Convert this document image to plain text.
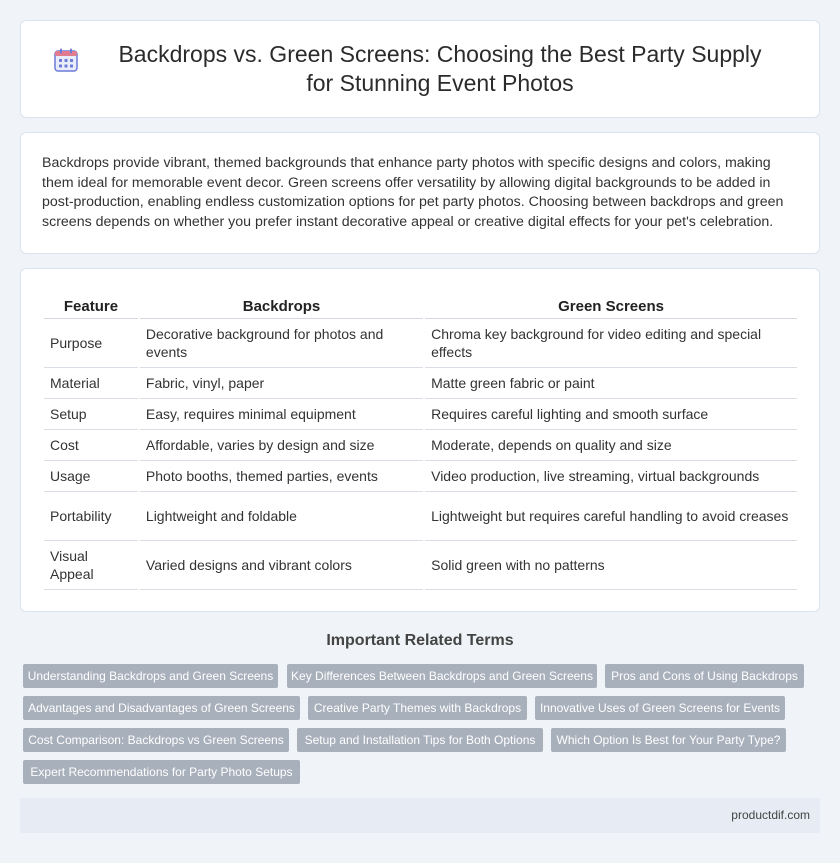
Backdrops vs. Green Screens: Choosing the Best Party Supply for Stunning Event Photos

Backdrops provide vibrant, themed backgrounds that enhance party photos with specific designs and colors, making them ideal for memorable event decor. Green screens offer versatility by allowing digital backgrounds to be added in post-production, enabling endless customization options for pet party photos. Choosing between backdrops and green screens depends on whether you prefer instant decorative appeal or creative digital effects for your pet's celebration.

Feature	Backdrops	Green Screens
Purpose	Decorative background for photos and events	Chroma key background for video editing and special effects
Material	Fabric, vinyl, paper	Matte green fabric or paint
Setup	Easy, requires minimal equipment	Requires careful lighting and smooth surface
Cost	Affordable, varies by design and size	Moderate, depends on quality and size
Usage	Photo booths, themed parties, events	Video production, live streaming, virtual backgrounds
Portability	Lightweight and foldable	Lightweight but requires careful handling to avoid creases
Visual Appeal	Varied designs and vibrant colors	Solid green with no patterns
Important Related Terms
Understanding Backdrops and Green Screens	Key Differences Between Backdrops and Green Screens	Pros and Cons of Using Backdrops
Advantages and Disadvantages of Green Screens	Creative Party Themes with Backdrops	Innovative Uses of Green Screens for Events
Cost Comparison: Backdrops vs Green Screens	Setup and Installation Tips for Both Options	Which Option Is Best for Your Party Type?
Expert Recommendations for Party Photo Setups
productdif.com
